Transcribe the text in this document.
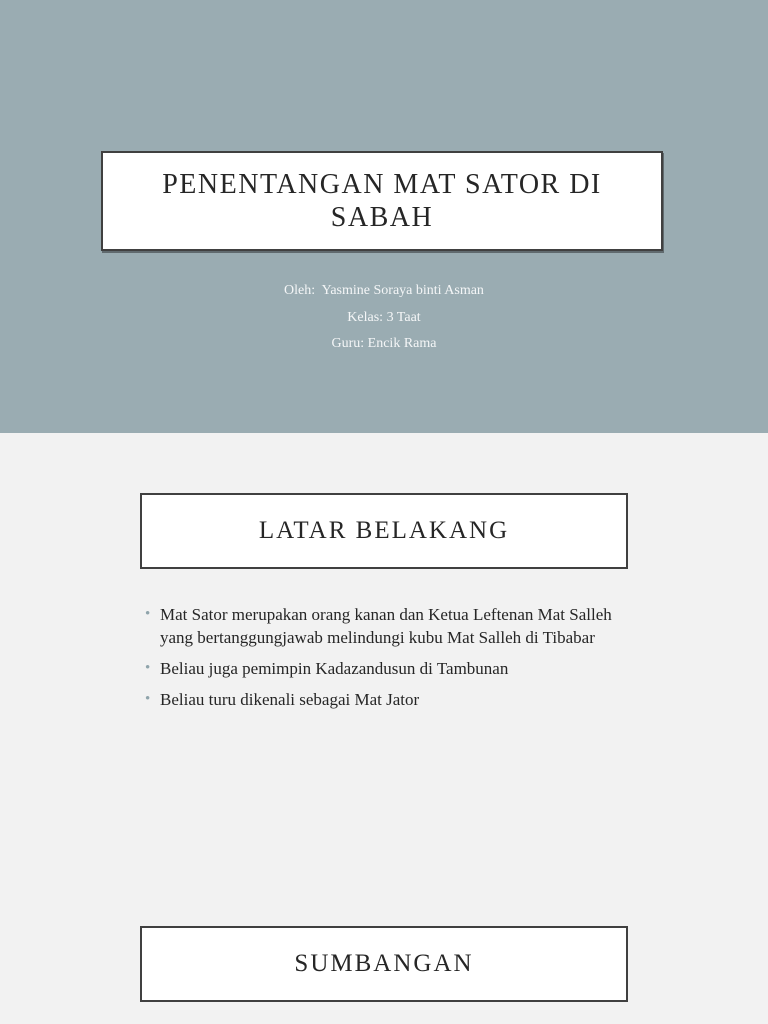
PENENTANGAN MAT SATOR DI SABAH
Oleh:  Yasmine Soraya binti Asman
Kelas: 3 Taat
Guru: Encik Rama
LATAR BELAKANG
• Mat Sator merupakan orang kanan dan Ketua Leftenan Mat Salleh yang bertanggungjawab melindungi kubu Mat Salleh di Tibabar
• Beliau juga pemimpin Kadazandusun di Tambunan
• Beliau turu dikenali sebagai Mat Jator
SUMBANGAN
